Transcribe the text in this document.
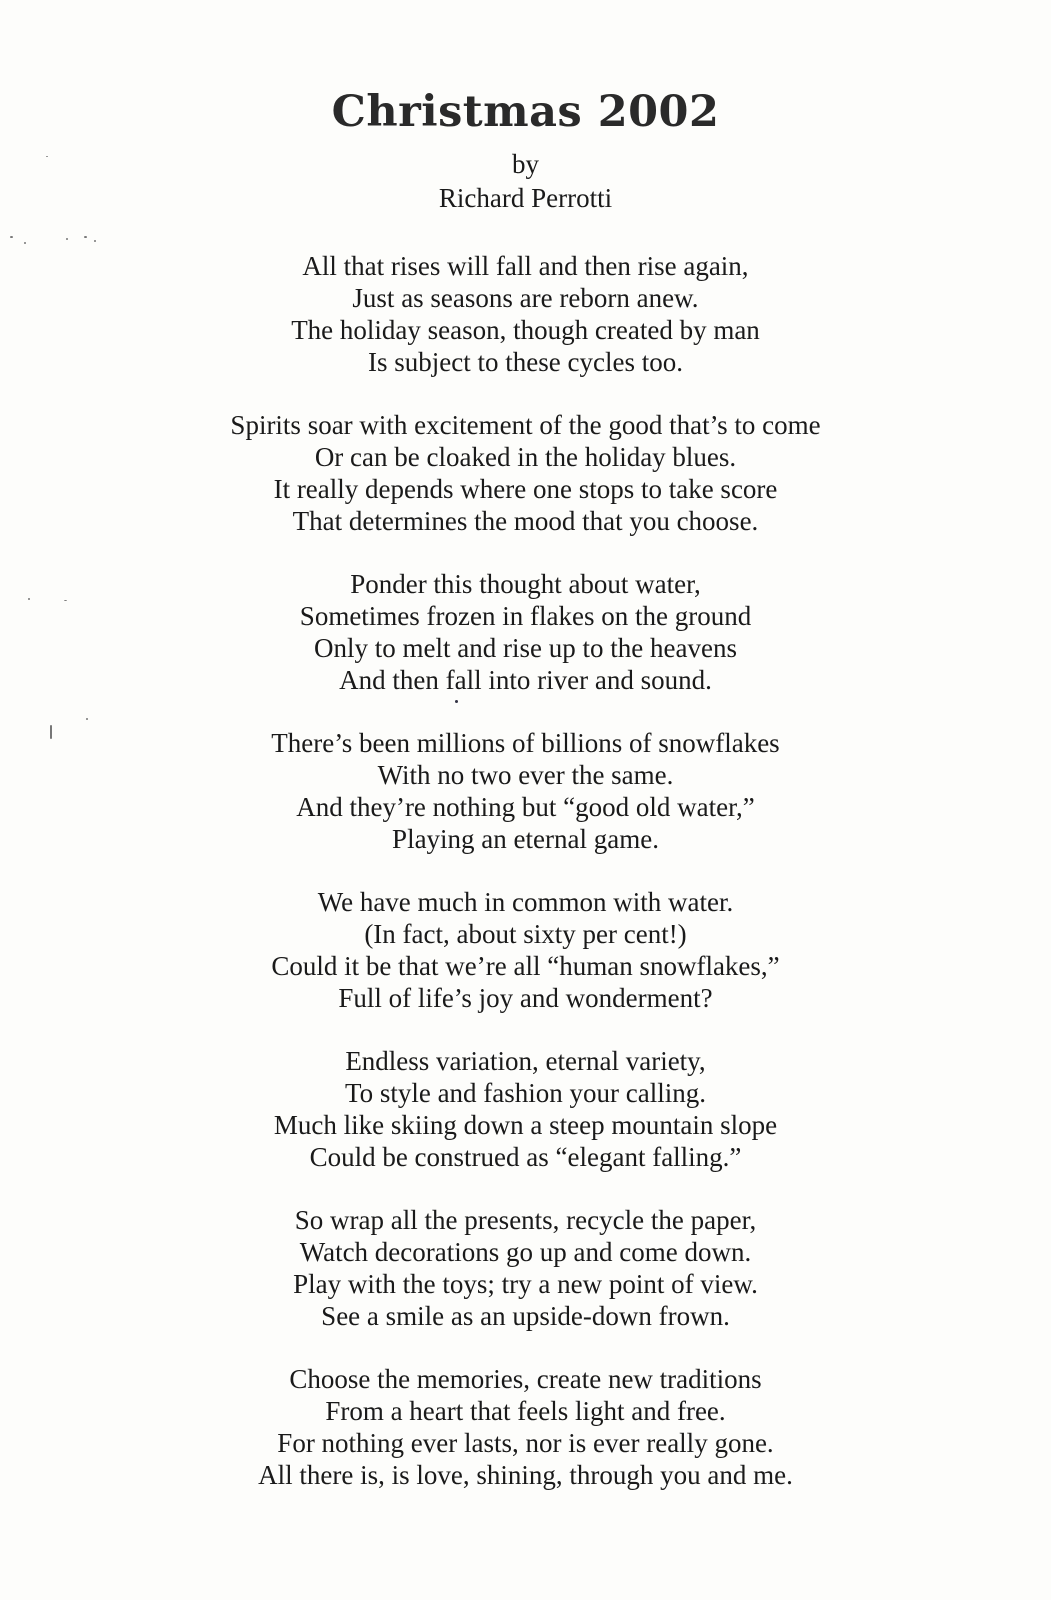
Christmas 2002
by
Richard Perrotti
All that rises will fall and then rise again,
Just as seasons are reborn anew.
The holiday season, though created by man
Is subject to these cycles too.
Spirits soar with excitement of the good that’s to come
Or can be cloaked in the holiday blues.
It really depends where one stops to take score
That determines the mood that you choose.
Ponder this thought about water,
Sometimes frozen in flakes on the ground
Only to melt and rise up to the heavens
And then fall into river and sound.
There’s been millions of billions of snowflakes
With no two ever the same.
And they’re nothing but “good old water,”
Playing an eternal game.
We have much in common with water.
(In fact, about sixty per cent!)
Could it be that we’re all “human snowflakes,”
Full of life’s joy and wonderment?
Endless variation, eternal variety,
To style and fashion your calling.
Much like skiing down a steep mountain slope
Could be construed as “elegant falling.”
So wrap all the presents, recycle the paper,
Watch decorations go up and come down.
Play with the toys; try a new point of view.
See a smile as an upside-down frown.
Choose the memories, create new traditions
From a heart that feels light and free.
For nothing ever lasts, nor is ever really gone.
All there is, is love, shining, through you and me.
